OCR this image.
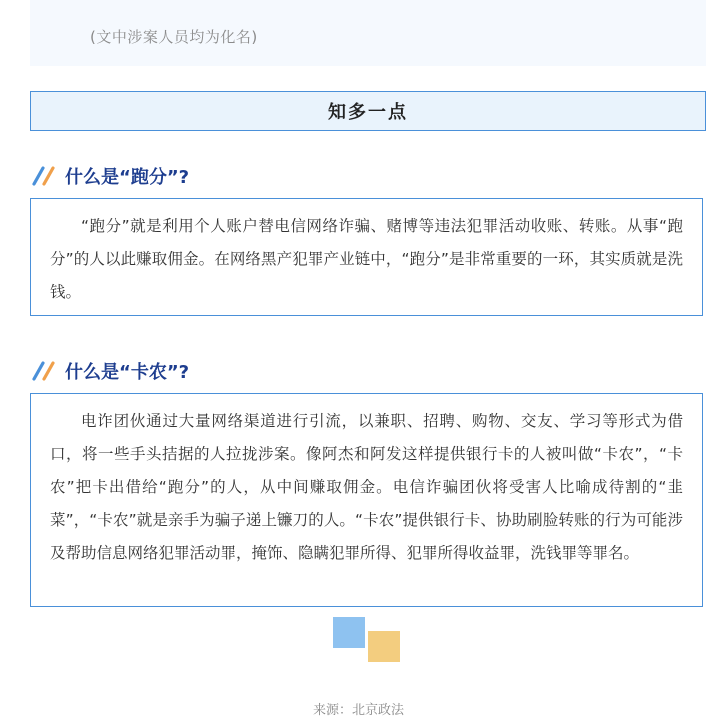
(文中涉案人员均为化名)
知多一点
什么是“跑分”?

“跑分”就是利用个人账户替电信网络诈骗、赌博等违法犯罪活动收账、转账。从事“跑分”的人以此赚取佣金。在网络黑产犯罪产业链中，“跑分”是非常重要的一环，其实质就是洗钱。

什么是“卡农”?

电诈团伙通过大量网络渠道进行引流，以兼职、招聘、购物、交友、学习等形式为借口，将一些手头拮据的人拉拢涉案。像阿杰和阿发这样提供银行卡的人被叫做“卡农”，“卡农”把卡出借给“跑分”的人，从中间赚取佣金。电信诈骗团伙将受害人比喻成待割的“韭菜”，“卡农”就是亲手为骗子递上镰刀的人。“卡农”提供银行卡、协助刷脸转账的行为可能涉及帮助信息网络犯罪活动罪，掩饰、隐瞒犯罪所得、犯罪所得收益罪，洗钱罪等罪名。

来源：北京政法
